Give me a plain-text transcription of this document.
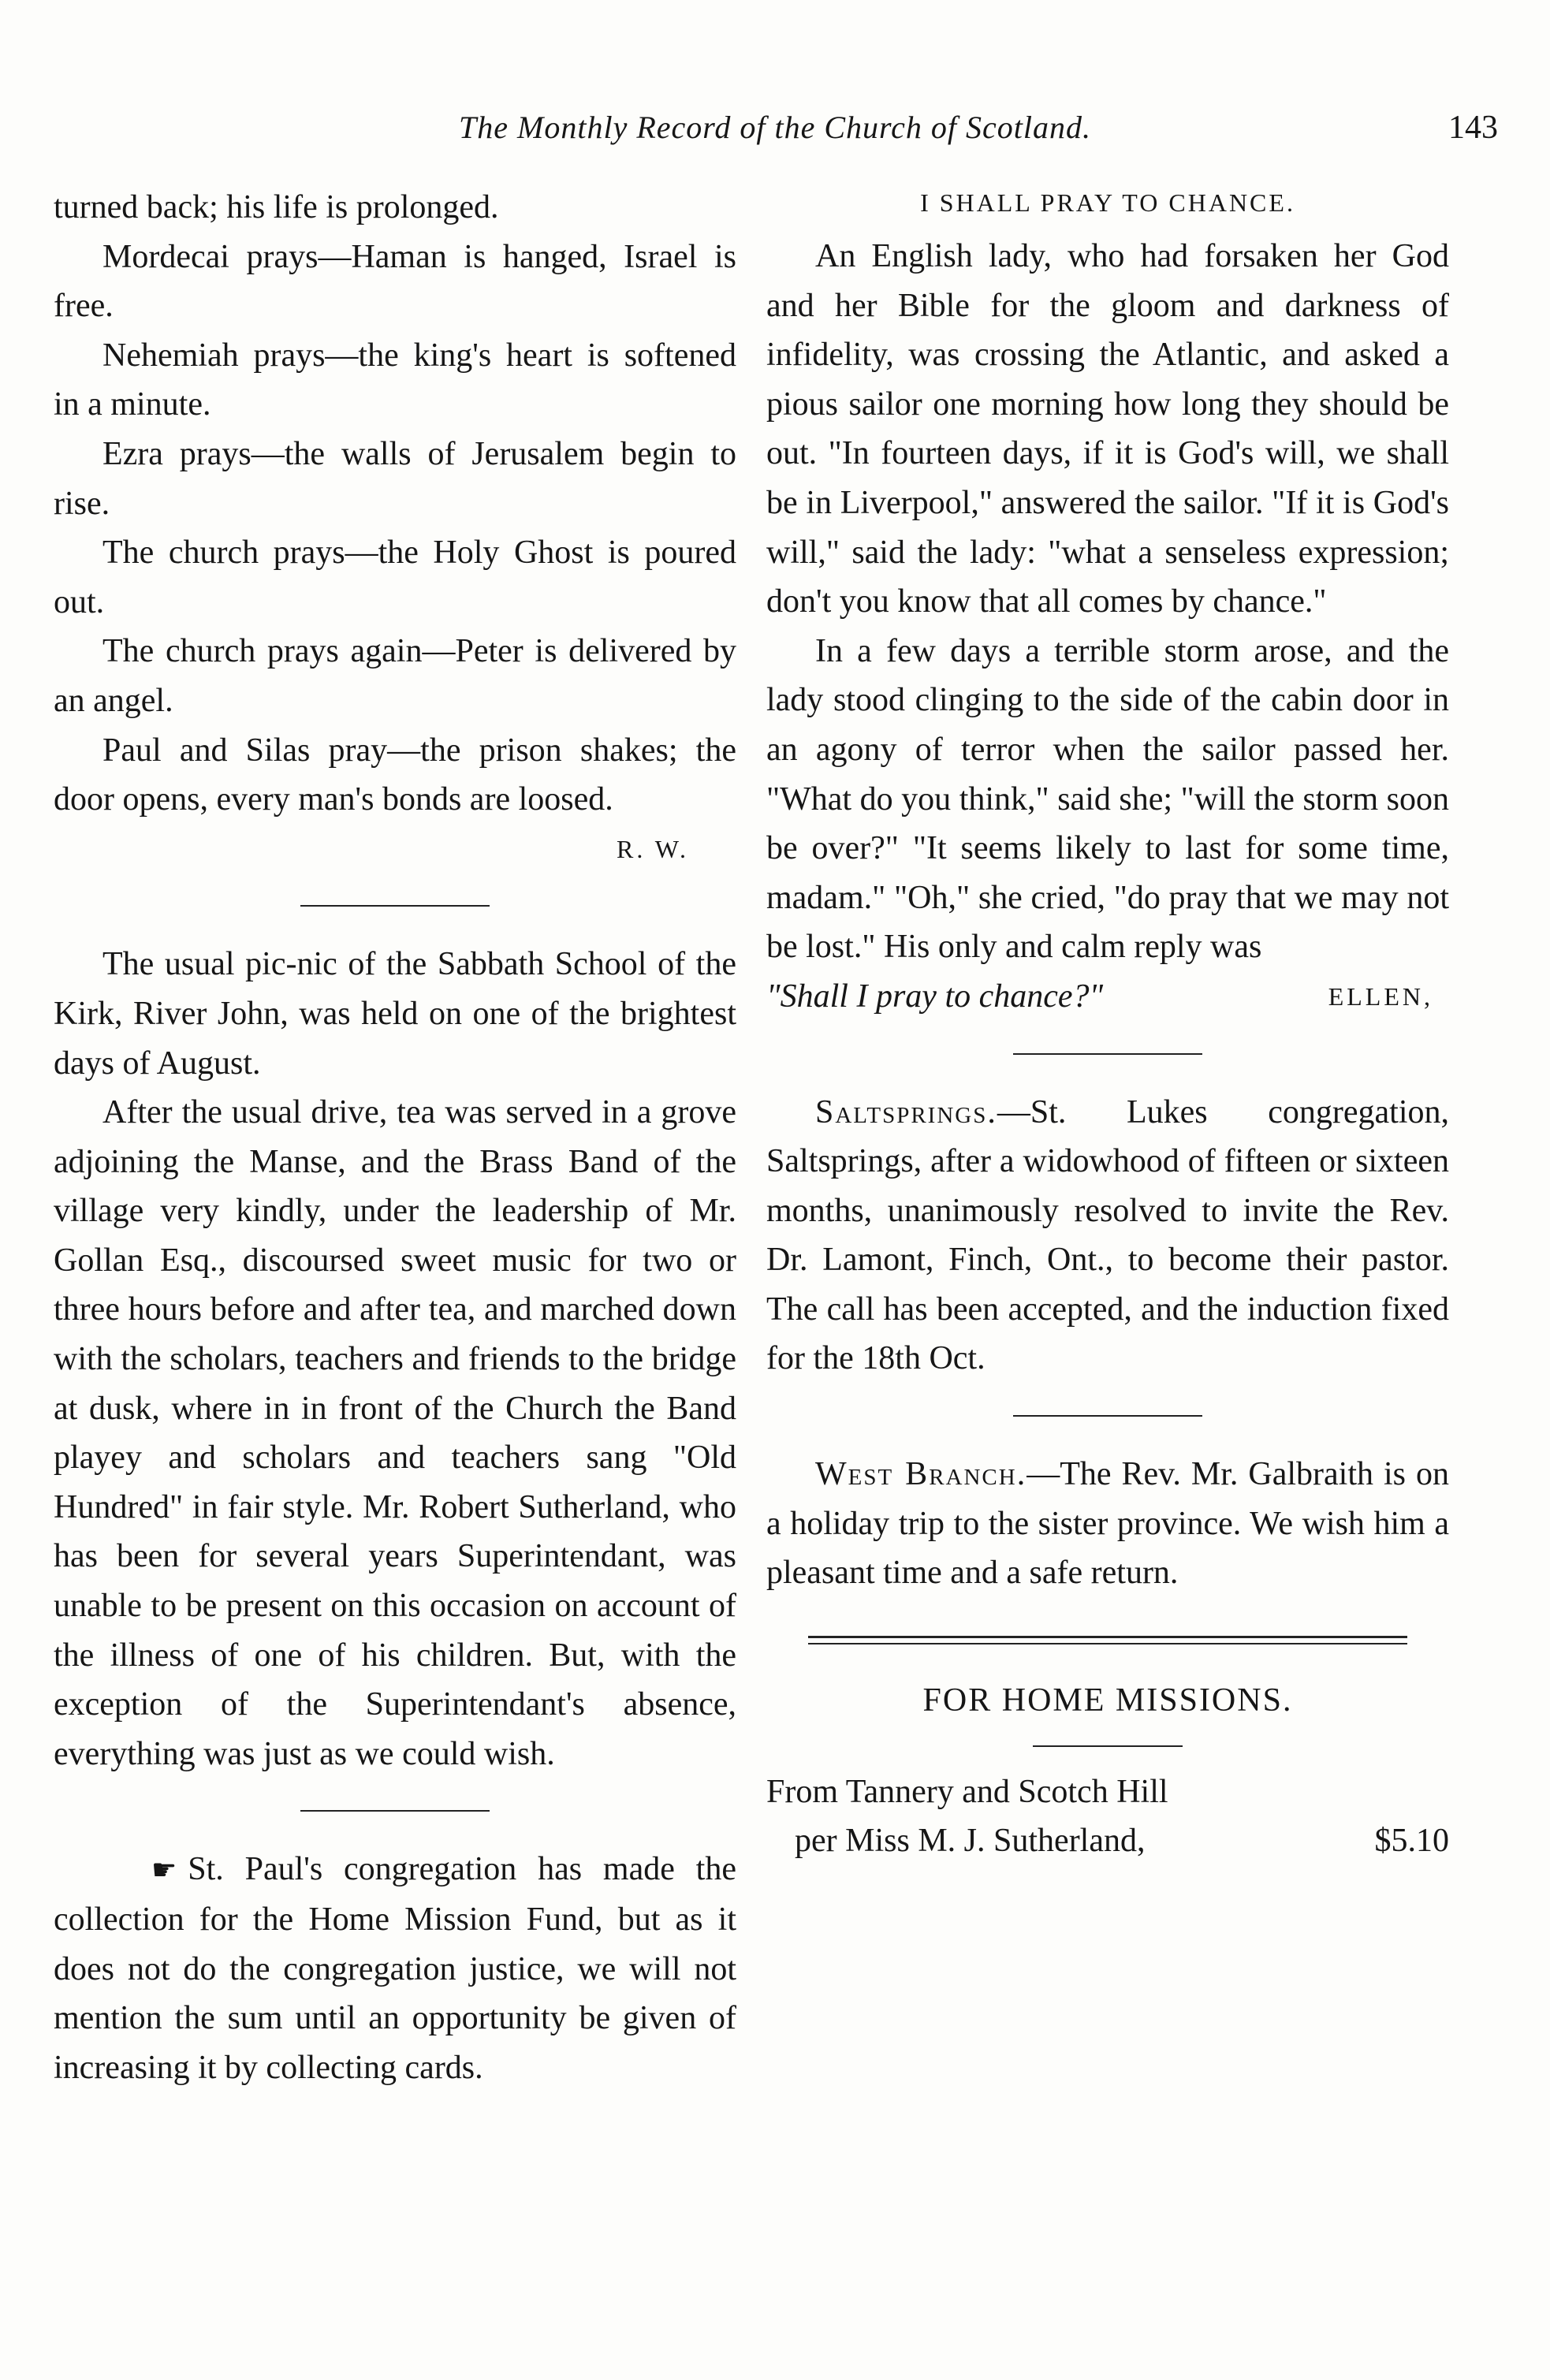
The Monthly Record of the Church of Scotland.	143

turned back; his life is prolonged.

Mordecai prays—Haman is hanged, Israel is free.

Nehemiah prays—the king's heart is softened in a minute.

Ezra prays—the walls of Jerusalem begin to rise.

The church prays—the Holy Ghost is poured out.

The church prays again—Peter is delivered by an angel.

Paul and Silas pray—the prison shakes; the door opens, every man's bonds are loosed.

R. W.

The usual pic-nic of the Sabbath School of the Kirk, River John, was held on one of the brightest days of August.

After the usual drive, tea was served in a grove adjoining the Manse, and the Brass Band of the village very kindly, under the leadership of Mr. Gollan Esq., discoursed sweet music for two or three hours before and after tea, and marched down with the scholars, teachers and friends to the bridge at dusk, where in in front of the Church the Band playey and scholars and teachers sang "Old Hundred" in fair style. Mr. Robert Sutherland, who has been for several years Superintendant, was unable to be present on this occasion on account of the illness of one of his children. But, with the exception of the Superintendant's absence, everything was just as we could wish.

☛ St. Paul's congregation has made the collection for the Home Mission Fund, but as it does not do the congregation justice, we will not mention the sum until an opportunity be given of increasing it by collecting cards.

I SHALL PRAY TO CHANCE.

An English lady, who had forsaken her God and her Bible for the gloom and darkness of infidelity, was crossing the Atlantic, and asked a pious sailor one morning how long they should be out. "In fourteen days, if it is God's will, we shall be in Liverpool," answered the sailor. "If it is God's will," said the lady: "what a senseless expression; don't you know that all comes by chance."

In a few days a terrible storm arose, and the lady stood clinging to the side of the cabin door in an agony of terror when the sailor passed her. "What do you think," said she; "will the storm soon be over?" "It seems likely to last for some time, madam." "Oh," she cried, "do pray that we may not be lost." His only and calm reply was

"Shall I pray to chance?"	ELLEN,

Saltsprings.—St. Lukes congregation, Saltsprings, after a widowhood of fifteen or sixteen months, unanimously resolved to invite the Rev. Dr. Lamont, Finch, Ont., to become their pastor. The call has been accepted, and the induction fixed for the 18th Oct.

West Branch.—The Rev. Mr. Galbraith is on a holiday trip to the sister province. We wish him a pleasant time and a safe return.

FOR HOME MISSIONS.

From Tannery and Scotch Hill
per Miss M. J. Sutherland,	$5.10
